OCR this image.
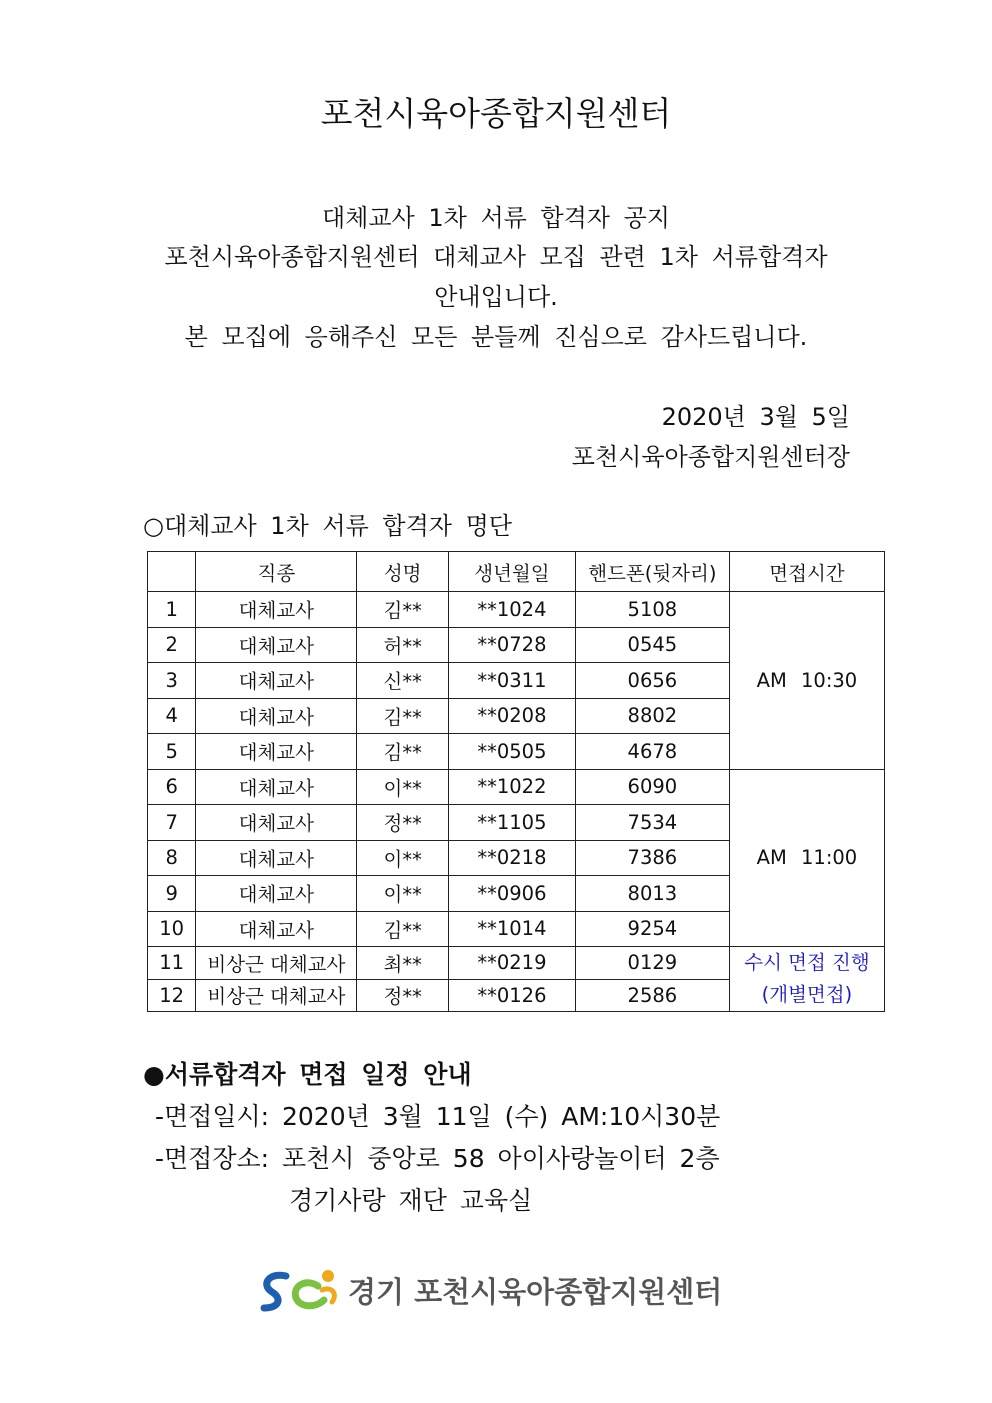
포천시육아종합지원센터
대체교사 1차 서류 합격자 공지
포천시육아종합지원센터 대체교사 모집 관련 1차 서류합격자
안내입니다.
본 모집에 응해주신 모든 분들께 진심으로 감사드립니다.
2020년 3월 5일
포천시육아종합지원센터장
○대체교사 1차 서류 합격자 명단
	직종	성명	생년월일	핸드폰(뒷자리)	면접시간
1	대체교사	김**	**1024	5108	AM 10:30
2	대체교사	허**	**0728	0545	
3	대체교사	신**	**0311	0656	
4	대체교사	김**	**0208	8802	
5	대체교사	김**	**0505	4678	
6	대체교사	이**	**1022	6090	AM 11:00
7	대체교사	정**	**1105	7534	
8	대체교사	이**	**0218	7386	
9	대체교사	이**	**0906	8013	
10	대체교사	김**	**1014	9254	
11	비상근 대체교사	최**	**0219	0129	수시 면접 진행
(개별면접)
12	비상근 대체교사	정**	**0126	2586	
●서류합격자 면접 일정 안내
-면접일시: 2020년 3월 11일 (수) AM:10시30분
-면접장소: 포천시 중앙로 58 아이사랑놀이터 2층
경기사랑 재단 교육실
경기 포천시육아종합지원센터
